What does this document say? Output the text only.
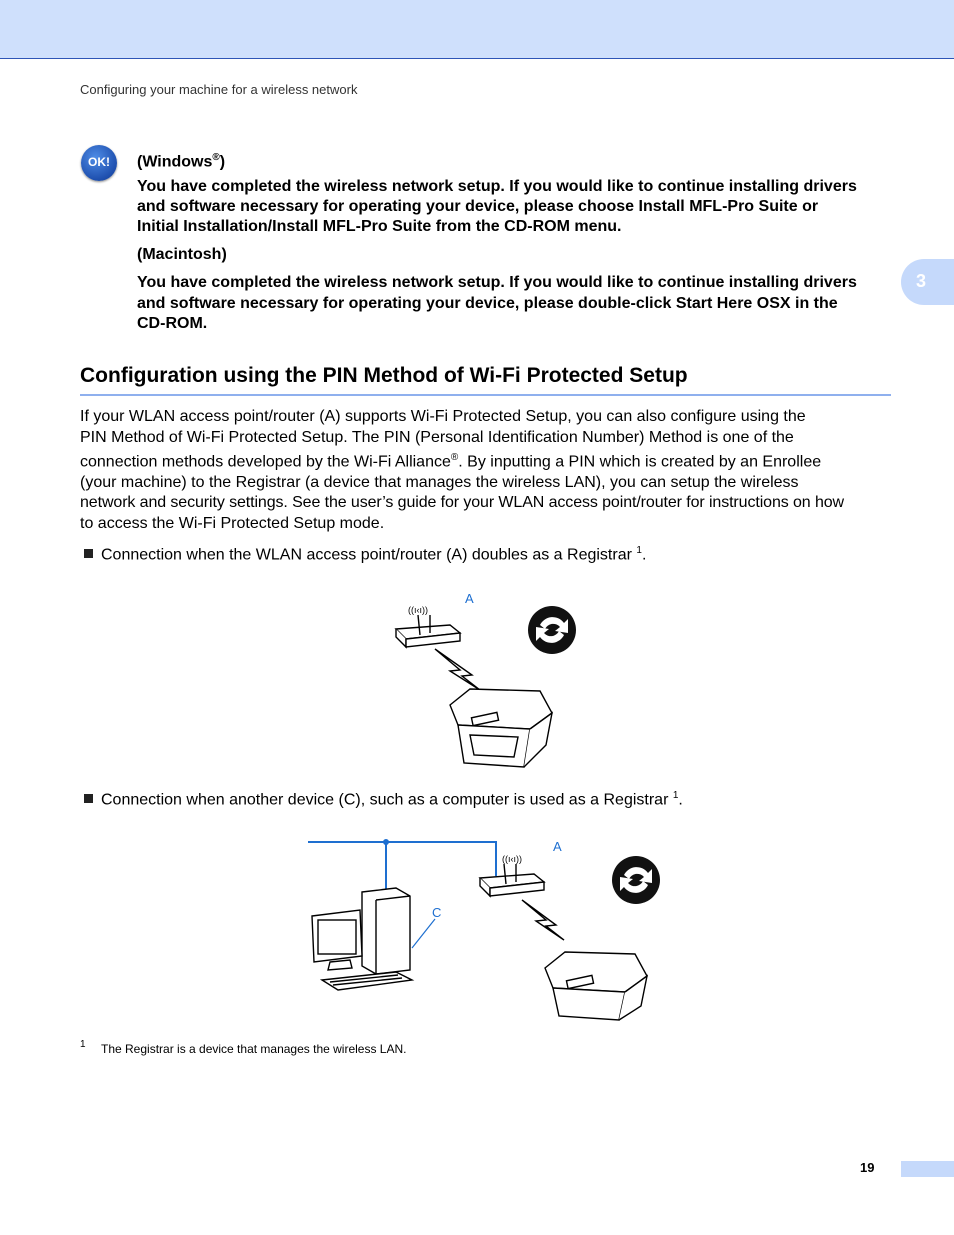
Configuring your machine for a wireless network
3
OK! (Windows®)
You have completed the wireless network setup. If you would like to continue installing drivers
and software necessary for operating your device, please choose Install MFL-Pro Suite or
Initial Installation/Install MFL-Pro Suite from the CD-ROM menu.
(Macintosh)
You have completed the wireless network setup. If you would like to continue installing drivers
and software necessary for operating your device, please double-click Start Here OSX in the
CD-ROM.
Configuration using the PIN Method of Wi-Fi Protected Setup
If your WLAN access point/router (A) supports Wi-Fi Protected Setup, you can also configure using the
PIN Method of Wi-Fi Protected Setup. The PIN (Personal Identification Number) Method is one of the
connection methods developed by the Wi-Fi Alliance®. By inputting a PIN which is created by an Enrollee
(your machine) to the Registrar (a device that manages the wireless LAN), you can setup the wireless
network and security settings. See the user’s guide for your WLAN access point/router for instructions on how
to access the Wi-Fi Protected Setup mode.
Connection when the WLAN access point/router (A) doubles as a Registrar $^1$.
((ı‹ı))
A
Connection when another device (C), such as a computer is used as a Registrar $^1$.
((ı‹ı))
A
C
1 The Registrar is a device that manages the wireless LAN.
19
